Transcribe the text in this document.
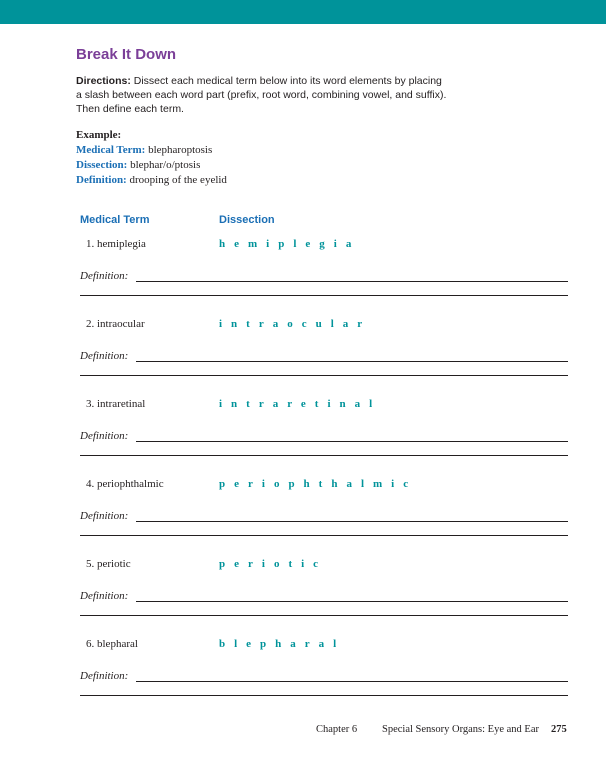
Break It Down
Directions: Dissect each medical term below into its word elements by placing
a slash between each word part (prefix, root word, combining vowel, and suffix).
Then define each term.
Example:
Medical Term: blepharoptosis
Dissection: blephar/o/ptosis
Definition: drooping of the eyelid
Medical Term	Dissection
1. hemiplegia	hemiplegia
Definition:
2. intraocular	intraocular
Definition:
3. intraretinal	intraretinal
Definition:
4. periophthalmic	periophthalmic
Definition:
5. periotic	periotic
Definition:
6. blepharal	blepharal
Definition:
Chapter 6 Special Sensory Organs: Eye and Ear 275
